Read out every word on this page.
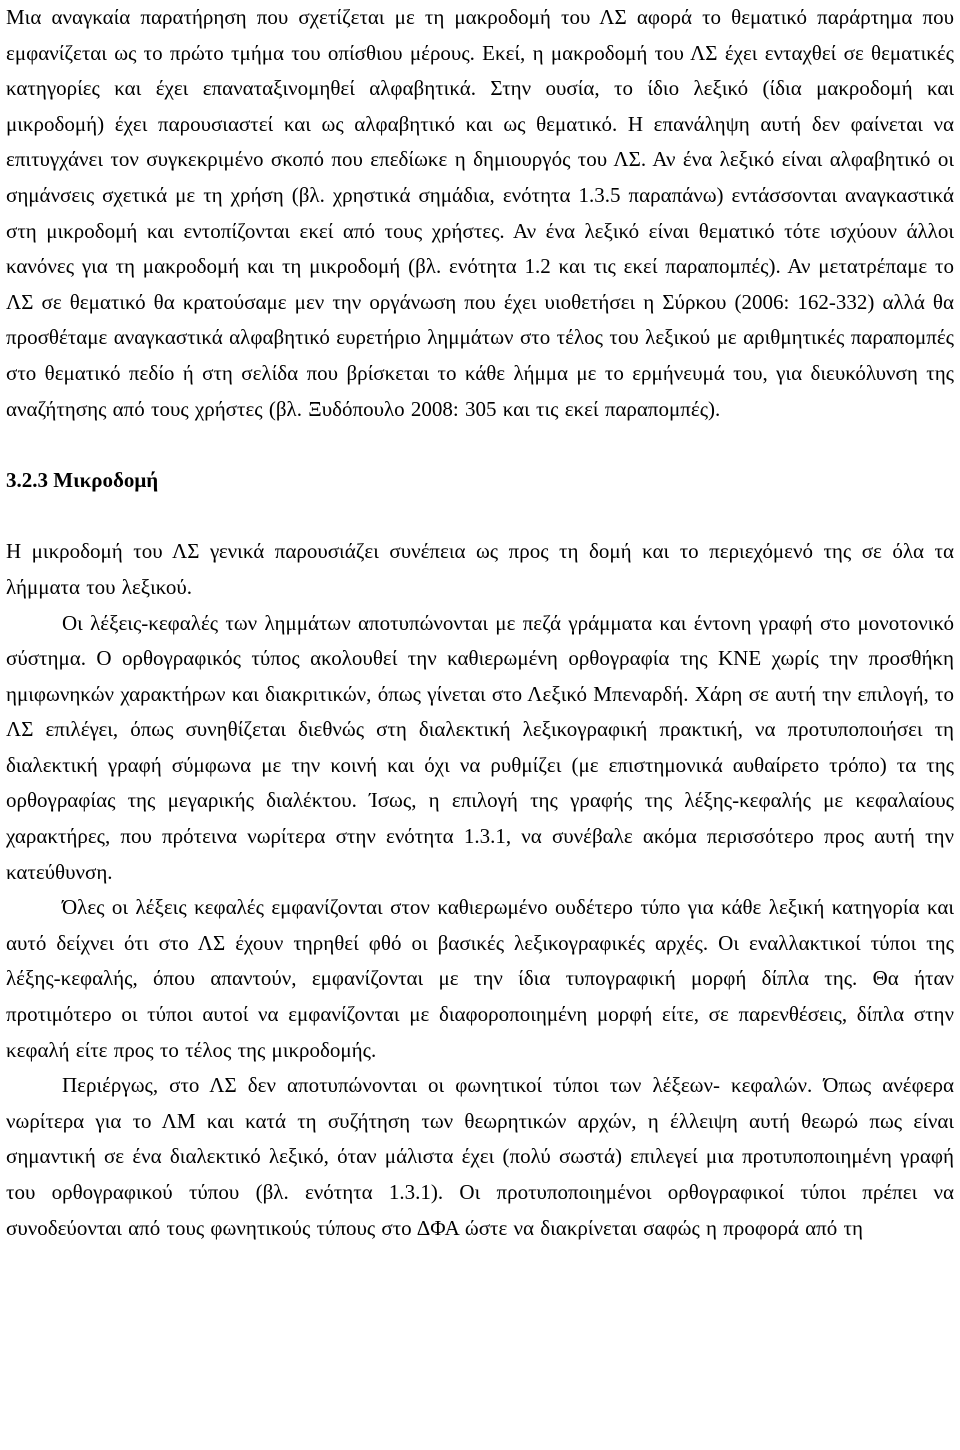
Μια αναγκαία παρατήρηση που σχετίζεται με τη μακροδομή του ΛΣ αφορά το θεματικό παράρτημα που εμφανίζεται ως το πρώτο τμήμα του οπίσθιου μέρους. Εκεί, η μακροδομή του ΛΣ έχει ενταχθεί σε θεματικές κατηγορίες και έχει επαναταξινομηθεί αλφαβητικά. Στην ουσία, το ίδιο λεξικό (ίδια μακροδομή και μικροδομή) έχει παρουσιαστεί και ως αλφαβητικό και ως θεματικό. Η επανάληψη αυτή δεν φαίνεται να επιτυγχάνει τον συγκεκριμένο σκοπό που επεδίωκε η δημιουργός του ΛΣ. Αν ένα λεξικό είναι αλφαβητικό οι σημάνσεις σχετικά με τη χρήση (βλ. χρηστικά σημάδια, ενότητα 1.3.5 παραπάνω) εντάσσονται αναγκαστικά στη μικροδομή και εντοπίζονται εκεί από τους χρήστες. Αν ένα λεξικό είναι θεματικό τότε ισχύουν άλλοι κανόνες για τη μακροδομή και τη μικροδομή (βλ. ενότητα 1.2 και τις εκεί παραπομπές). Αν μετατρέπαμε το ΛΣ σε θεματικό θα κρατούσαμε μεν την οργάνωση που έχει υιοθετήσει η Σύρκου (2006: 162-332) αλλά θα προσθέταμε αναγκαστικά αλφαβητικό ευρετήριο λημμάτων στο τέλος του λεξικού με αριθμητικές παραπομπές στο θεματικό πεδίο ή στη σελίδα που βρίσκεται το κάθε λήμμα με το ερμήνευμά του, για διευκόλυνση της αναζήτησης από τους χρήστες (βλ. Ξυδόπουλο 2008: 305 και τις εκεί παραπομπές).

3.2.3 Μικροδομή

Η μικροδομή του ΛΣ γενικά παρουσιάζει συνέπεια ως προς τη δομή και το περιεχόμενό της σε όλα τα λήμματα του λεξικού.

Οι λέξεις-κεφαλές των λημμάτων αποτυπώνονται με πεζά γράμματα και έντονη γραφή στο μονοτονικό σύστημα. Ο ορθογραφικός τύπος ακολουθεί την καθιερωμένη ορθογραφία της ΚΝΕ χωρίς την προσθήκη ημιφωνηκών χαρακτήρων και διακριτικών, όπως γίνεται στο Λεξικό Μπεναρδή. Χάρη σε αυτή την επιλογή, το ΛΣ επιλέγει, όπως συνηθίζεται διεθνώς στη διαλεκτική λεξικογραφική πρακτική, να προτυποποιήσει τη διαλεκτική γραφή σύμφωνα με την κοινή και όχι να ρυθμίζει (με επιστημονικά αυθαίρετο τρόπο) τα της ορθογραφίας της μεγαρικής διαλέκτου. Ίσως, η επιλογή της γραφής της λέξης-κεφαλής με κεφαλαίους χαρακτήρες, που πρότεινα νωρίτερα στην ενότητα 1.3.1, να συνέβαλε ακόμα περισσότερο προς αυτή την κατεύθυνση.

Όλες οι λέξεις κεφαλές εμφανίζονται στον καθιερωμένο ουδέτερο τύπο για κάθε λεξική κατηγορία και αυτό δείχνει ότι στο ΛΣ έχουν τηρηθεί φθό οι βασικές λεξικογραφικές αρχές. Οι εναλλακτικοί τύποι της λέξης-κεφαλής, όπου απαντούν, εμφανίζονται με την ίδια τυπογραφική μορφή δίπλα της. Θα ήταν προτιμότερο οι τύποι αυτοί να εμφανίζονται με διαφοροποιημένη μορφή είτε, σε παρενθέσεις, δίπλα στην κεφαλή είτε προς το τέλος της μικροδομής.

Περιέργως, στο ΛΣ δεν αποτυπώνονται οι φωνητικοί τύποι των λέξεων- κεφαλών. Όπως ανέφερα νωρίτερα για το ΛΜ και κατά τη συζήτηση των θεωρητικών αρχών, η έλλειψη αυτή θεωρώ πως είναι σημαντική σε ένα διαλεκτικό λεξικό, όταν μάλιστα έχει (πολύ σωστά) επιλεγεί μια προτυποποιημένη γραφή του ορθογραφικού τύπου (βλ. ενότητα 1.3.1). Οι προτυποποιημένοι ορθογραφικοί τύποι πρέπει να συνοδεύονται από τους φωνητικούς τύπους στο ΔΦΑ ώστε να διακρίνεται σαφώς η προφορά από τη
